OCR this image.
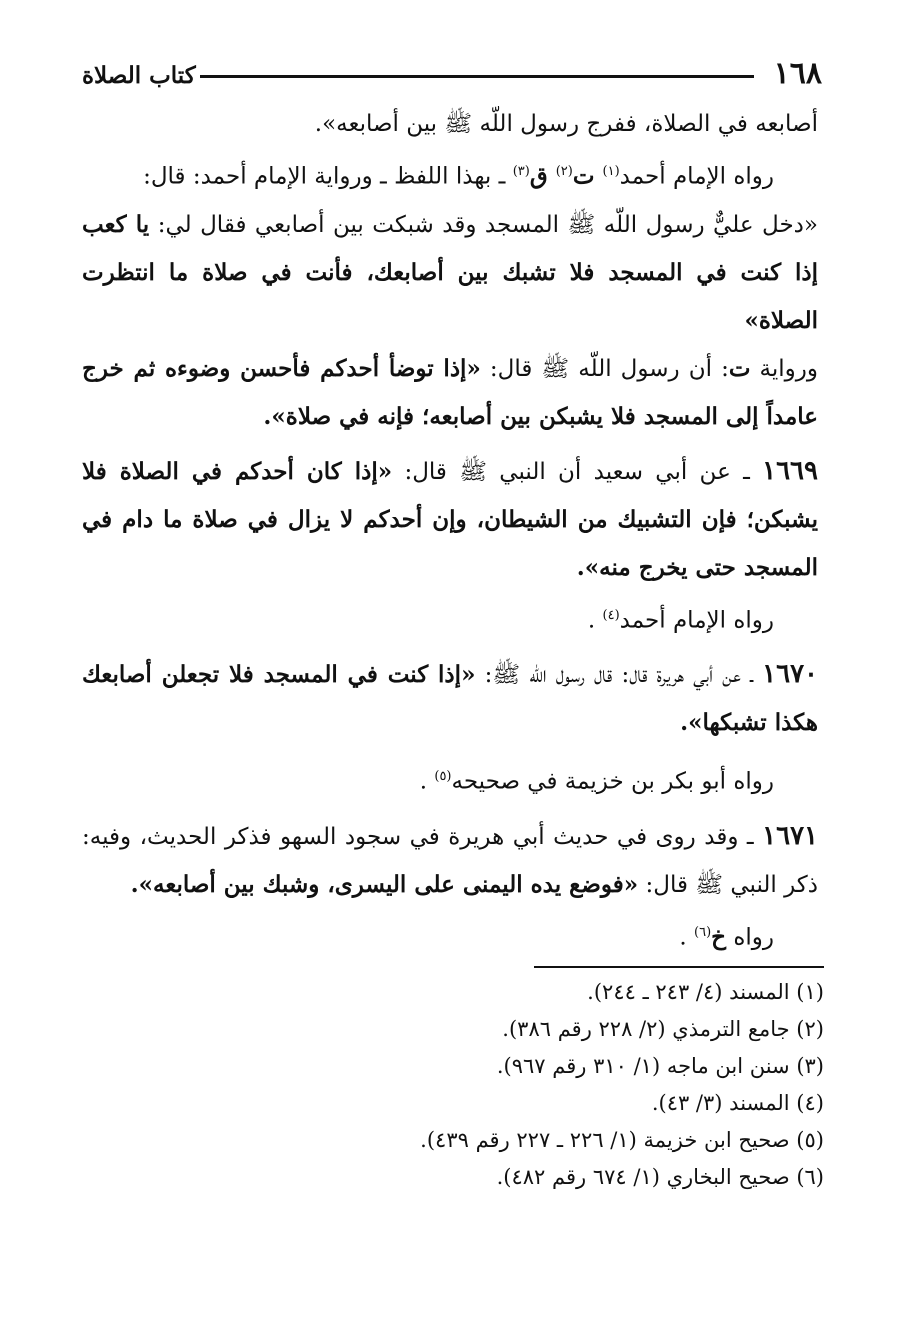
١٦٨
كتاب الصلاة

أصابعه في الصلاة، ففرج رسول اللّه ﷺ بين أصابعه».

رواه الإمام أحمد$^{(١)}$ ت$^{(٢)}$ ق$^{(٣)}$ ـ بهذا اللفظ ـ ورواية الإمام أحمد: قال:

«دخل عليٌّ رسول اللّه ﷺ المسجد وقد شبكت بين أصابعي فقال لي: يا كعب إذا كنت في المسجد فلا تشبك بين أصابعك، فأنت في صلاة ما انتظرت الصلاة»

ورواية ت: أن رسول اللّه ﷺ قال: «إذا توضأ أحدكم فأحسن وضوءه ثم خرج عامداً إلى المسجد فلا يشبكن بين أصابعه؛ فإنه في صلاة».

١٦٦٩ ـ عن أبي سعيد أن النبي ﷺ قال: «إذا كان أحدكم في الصلاة فلا يشبكن؛ فإن التشبيك من الشيطان، وإن أحدكم لا يزال في صلاة ما دام في المسجد حتى يخرج منه».

رواه الإمام أحمد$^{(٤)}$ .

١٦٧٠ ـ عن أبي هريرة قال: قال رسول اللّه ﷺ: «إذا كنت في المسجد فلا تجعلن أصابعك هكذا تشبكها».

رواه أبو بكر بن خزيمة في صحيحه$^{(٥)}$ .

١٦٧١ ـ وقد روى في حديث أبي هريرة في سجود السهو فذكر الحديث، وفيه: ذكر النبي ﷺ قال: «فوضع يده اليمنى على اليسرى، وشبك بين أصابعه».

رواه خ$^{(٦)}$ .

(١) المسند (٤/ ٢٤٣ ـ ٢٤٤).
(٢) جامع الترمذي (٢/ ٢٢٨ رقم ٣٨٦).
(٣) سنن ابن ماجه (١/ ٣١٠ رقم ٩٦٧).
(٤) المسند (٣/ ٤٣).
(٥) صحيح ابن خزيمة (١/ ٢٢٦ ـ ٢٢٧ رقم ٤٣٩).
(٦) صحيح البخاري (١/ ٦٧٤ رقم ٤٨٢).
